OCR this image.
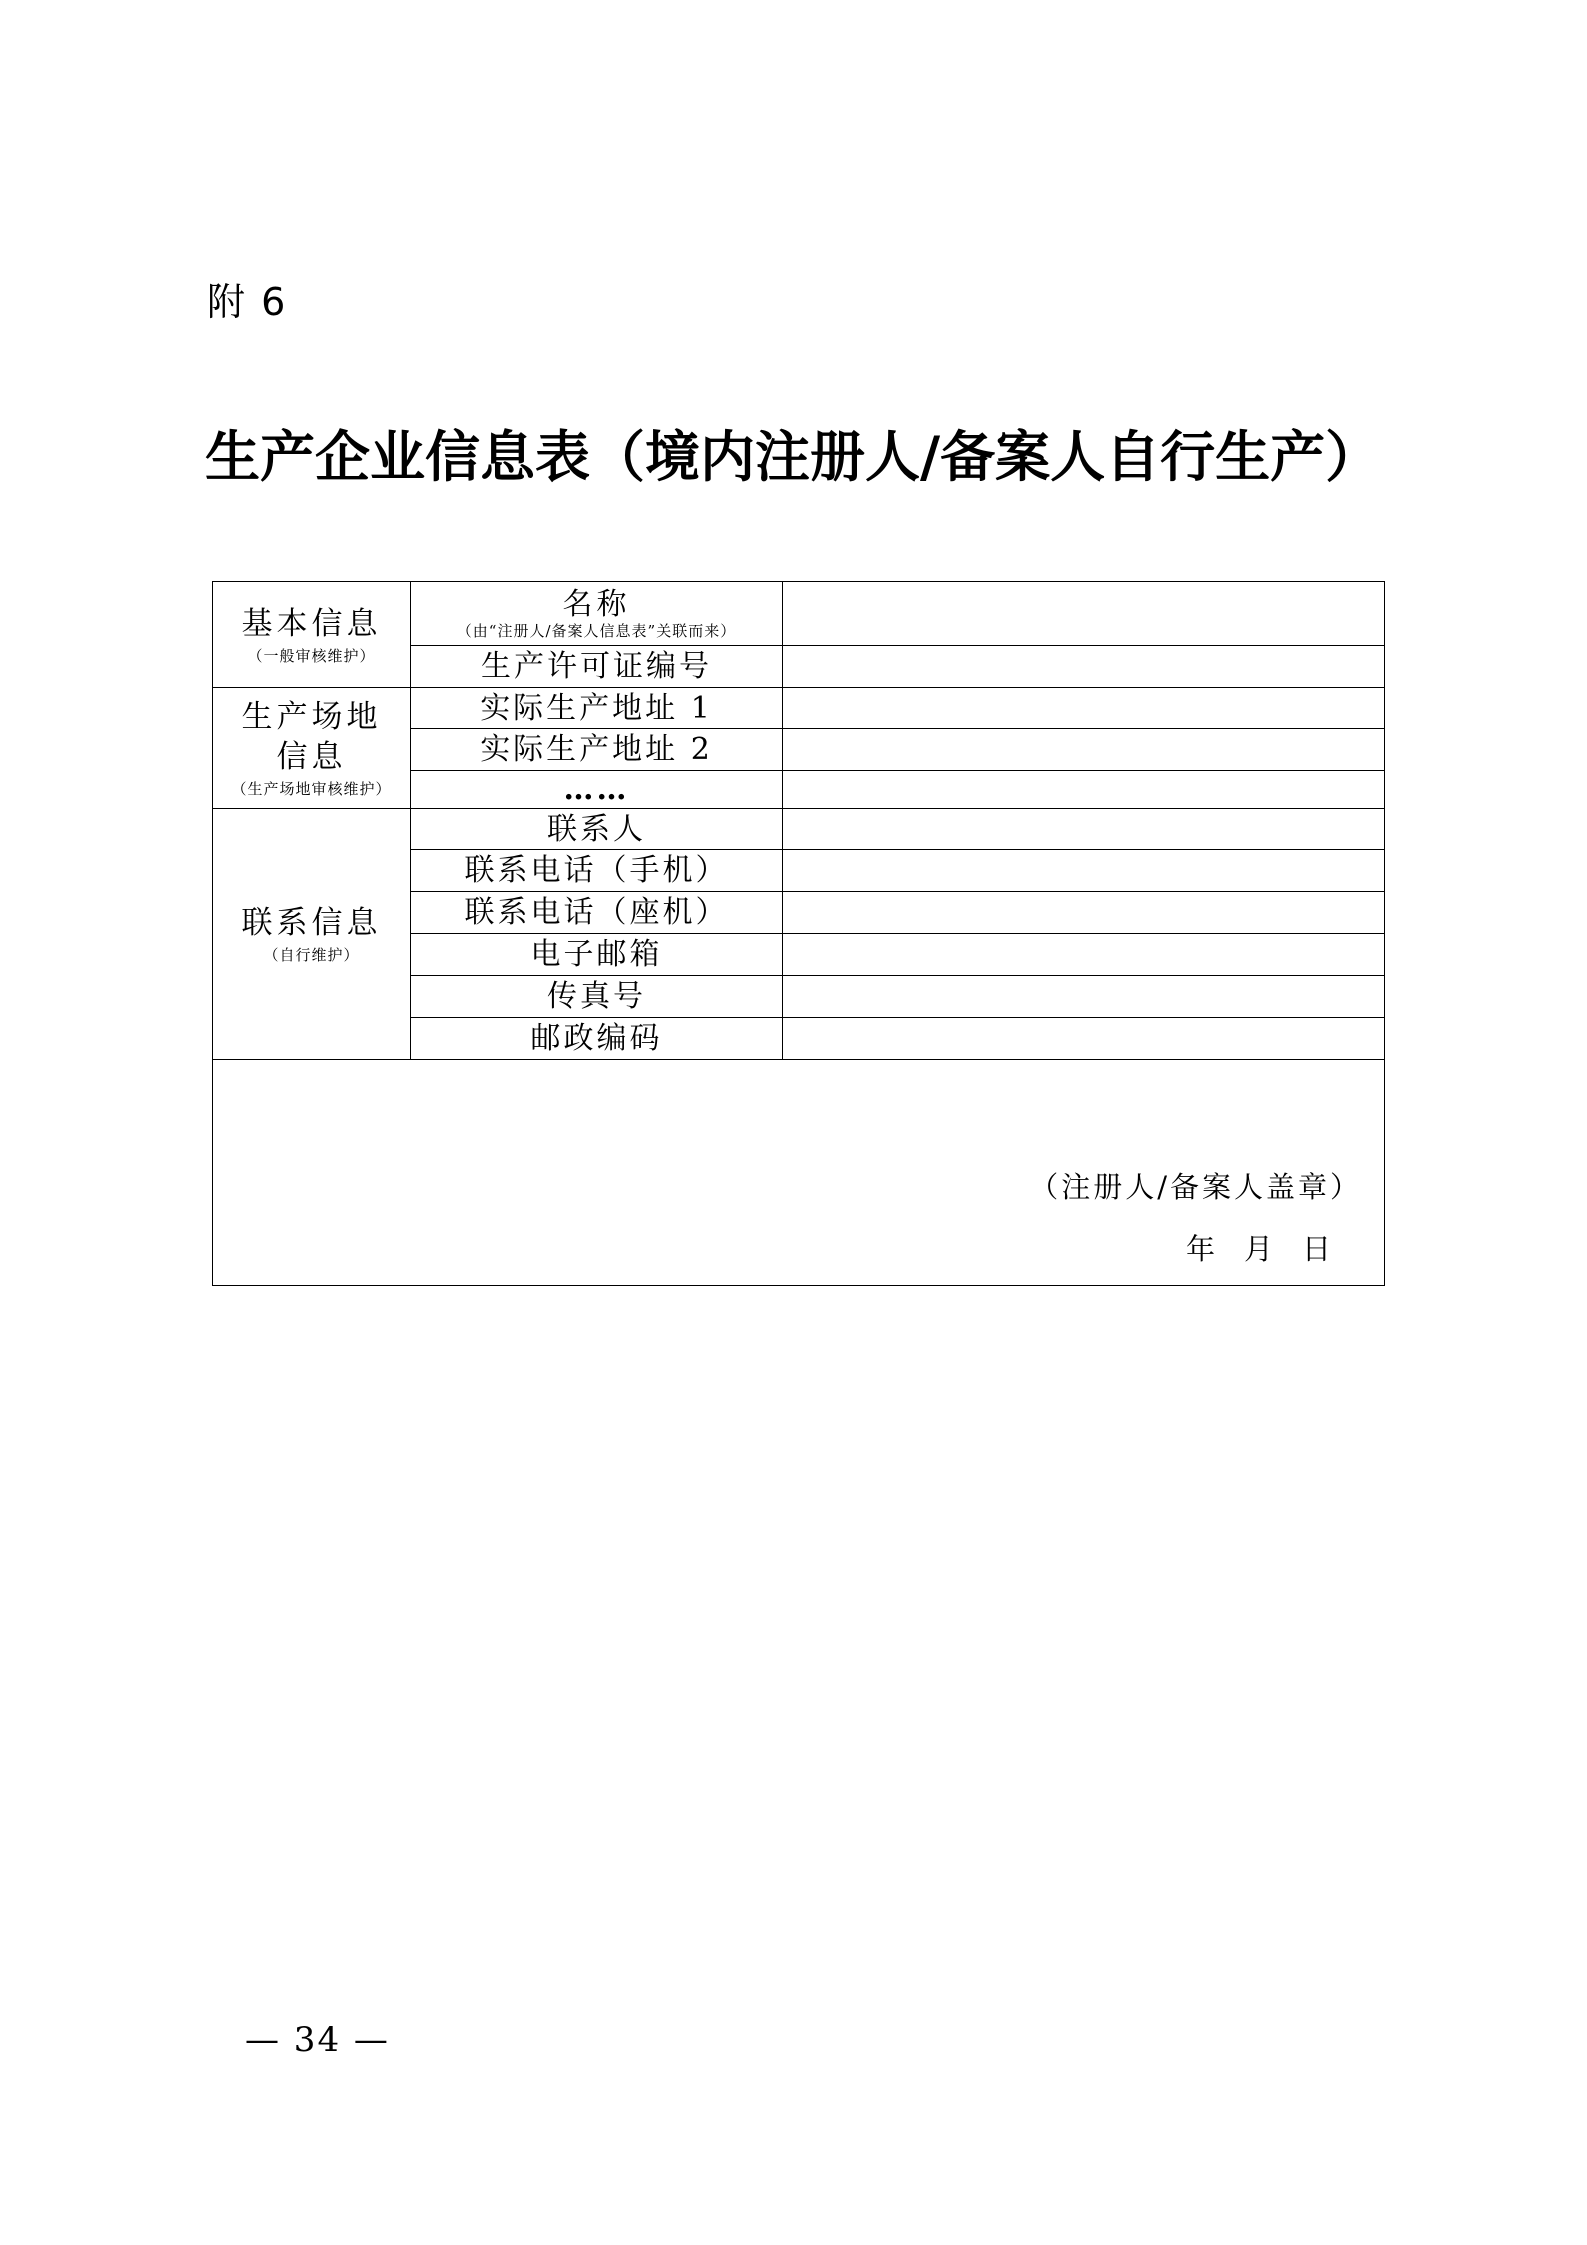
附 6

生产企业信息表（境内注册人/备案人自行生产）
基本信息
（一般审核维护）	名称
（由“注册人/备案人信息表”关联而来）	

	生产许可证编号	

生产场地信息
（生产场地审核维护）	实际生产地址 1	
	实际生产地址 2	
	……	

联系信息
（自行维护）	联系人	
	联系电话（手机）	
	联系电话（座机）	
	电子邮箱	
	传真号	
	邮政编码	

（注册人/备案人盖章）
年 月 日		

— 34 —
